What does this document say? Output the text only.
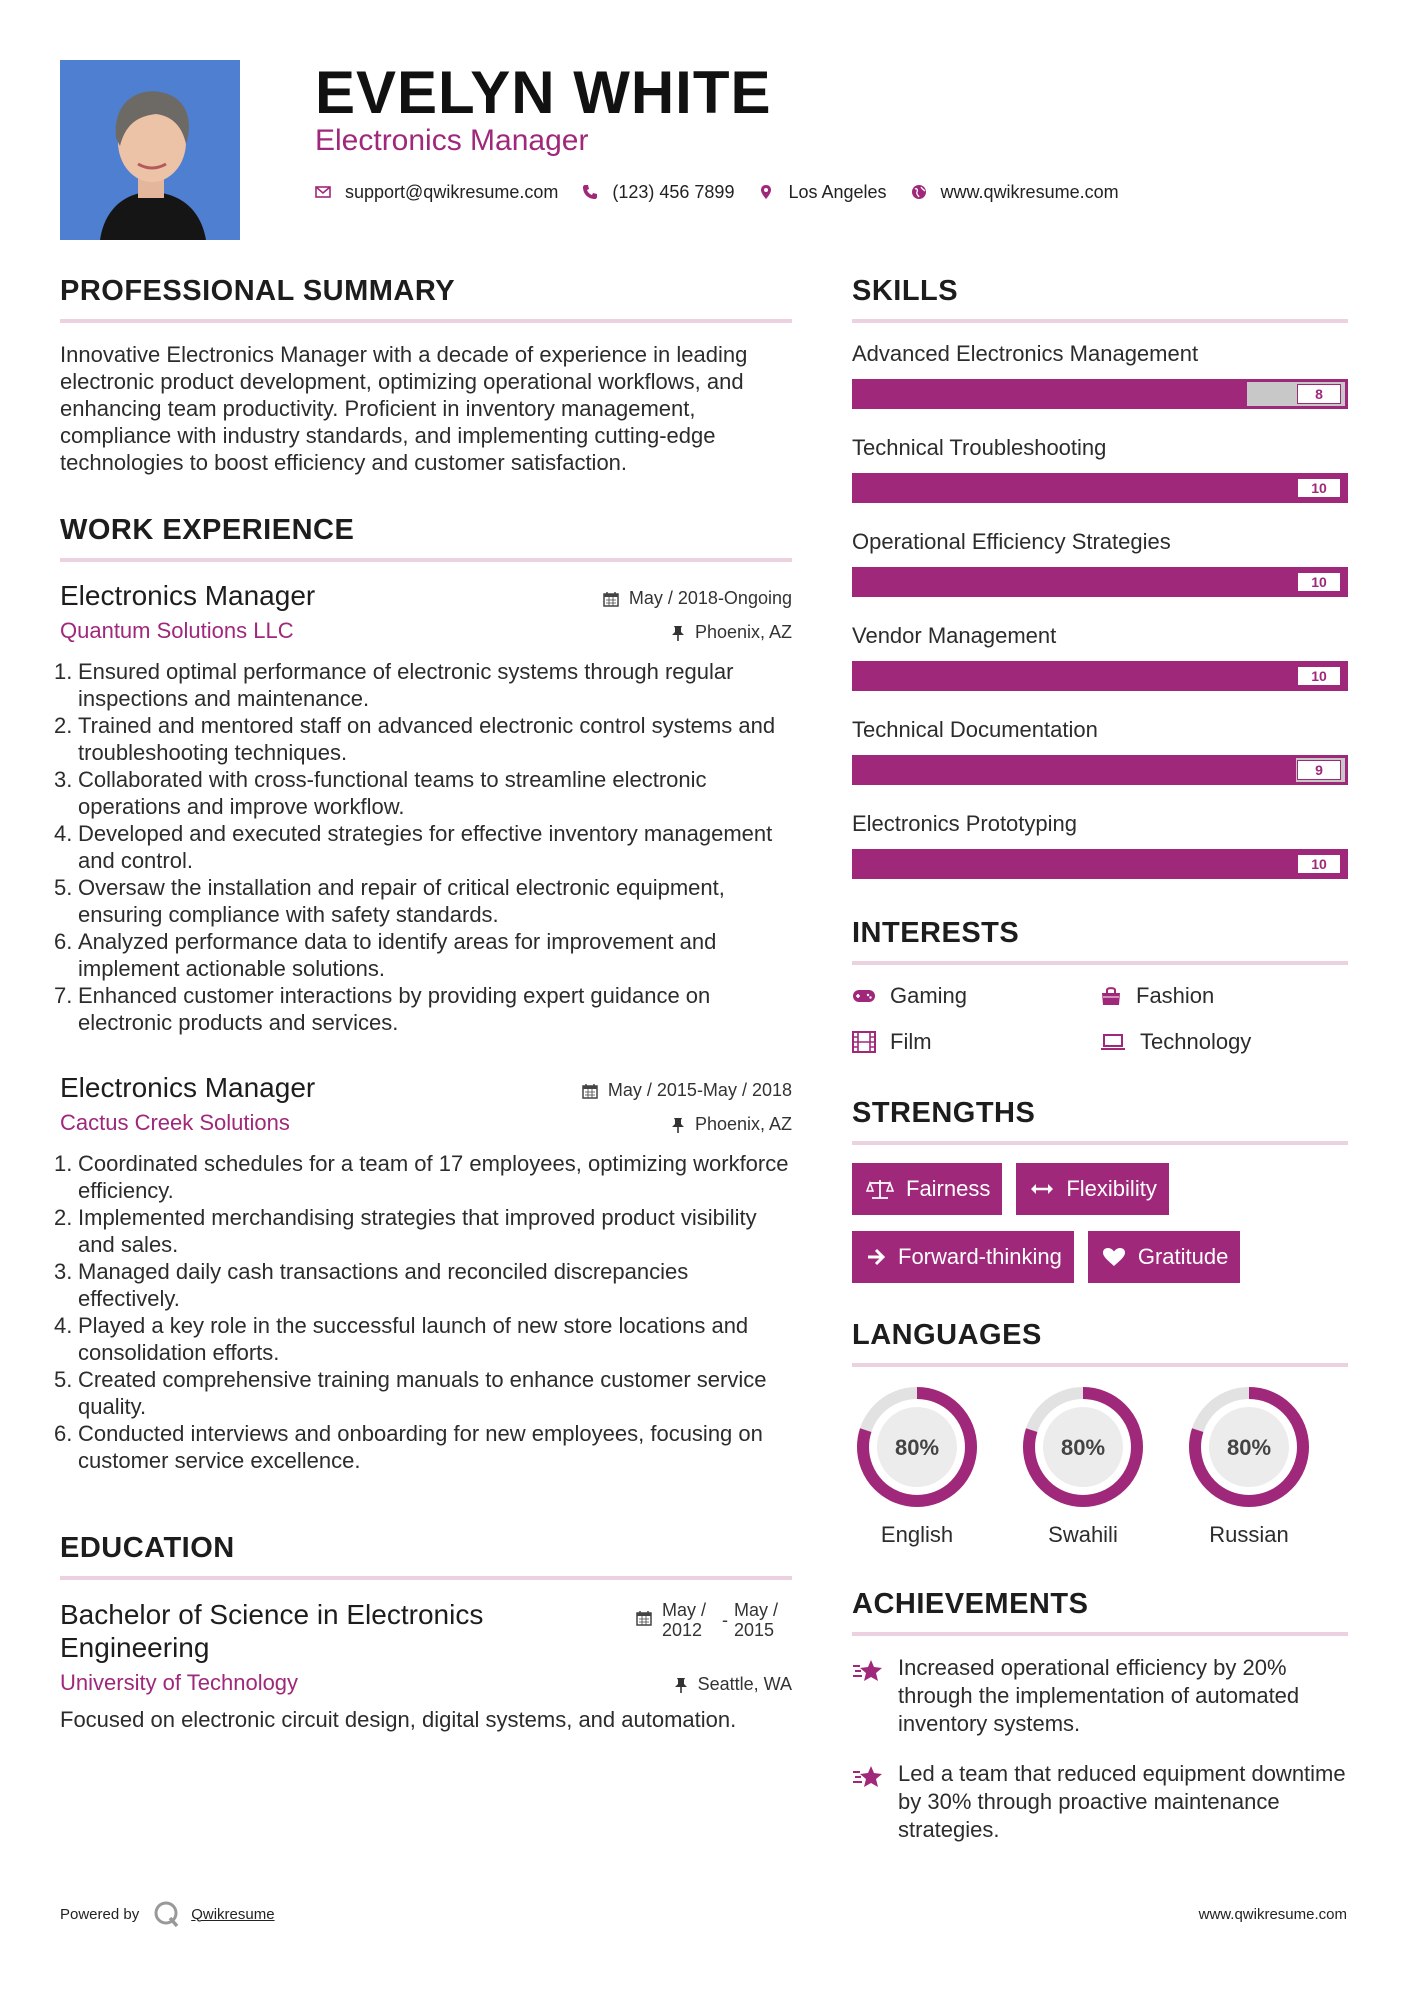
EVELYN WHITE
Electronics Manager
support@qwikresume.com	(123) 456 7899	Los Angeles	www.qwikresume.com
PROFESSIONAL SUMMARY
Innovative Electronics Manager with a decade of experience in leading electronic product development, optimizing operational workflows, and enhancing team productivity. Proficient in inventory management, compliance with industry standards, and implementing cutting-edge technologies to boost efficiency and customer satisfaction.
WORK EXPERIENCE
Electronics Manager	May / 2018-Ongoing
Quantum Solutions LLC	Phoenix, AZ
1. Ensured optimal performance of electronic systems through regular inspections and maintenance.
2. Trained and mentored staff on advanced electronic control systems and troubleshooting techniques.
3. Collaborated with cross-functional teams to streamline electronic operations and improve workflow.
4. Developed and executed strategies for effective inventory management and control.
5. Oversaw the installation and repair of critical electronic equipment, ensuring compliance with safety standards.
6. Analyzed performance data to identify areas for improvement and implement actionable solutions.
7. Enhanced customer interactions by providing expert guidance on electronic products and services.
Electronics Manager	May / 2015-May / 2018
Cactus Creek Solutions	Phoenix, AZ
1. Coordinated schedules for a team of 17 employees, optimizing workforce efficiency.
2. Implemented merchandising strategies that improved product visibility and sales.
3. Managed daily cash transactions and reconciled discrepancies effectively.
4. Played a key role in the successful launch of new store locations and consolidation efforts.
5. Created comprehensive training manuals to enhance customer service quality.
6. Conducted interviews and onboarding for new employees, focusing on customer service excellence.
EDUCATION
Bachelor of Science in Electronics Engineering
May / 2012	- May / 2015
University of Technology	Seattle, WA
Focused on electronic circuit design, digital systems, and automation.
SKILLS
Advanced Electronics Management
8
Technical Troubleshooting
10
Operational Efficiency Strategies
10
Vendor Management
10
Technical Documentation
9
Electronics Prototyping
10
INTERESTS
Gaming	Fashion
Film	Technology
STRENGTHS
Fairness	Flexibility
Forward-thinking	Gratitude
LANGUAGES
80%
English
80%
Swahili
80%
Russian
ACHIEVEMENTS
Increased operational efficiency by 20% through the implementation of automated inventory systems.
Led a team that reduced equipment downtime by 30% through proactive maintenance strategies.
Powered by	Qwikresume	www.qwikresume.com
